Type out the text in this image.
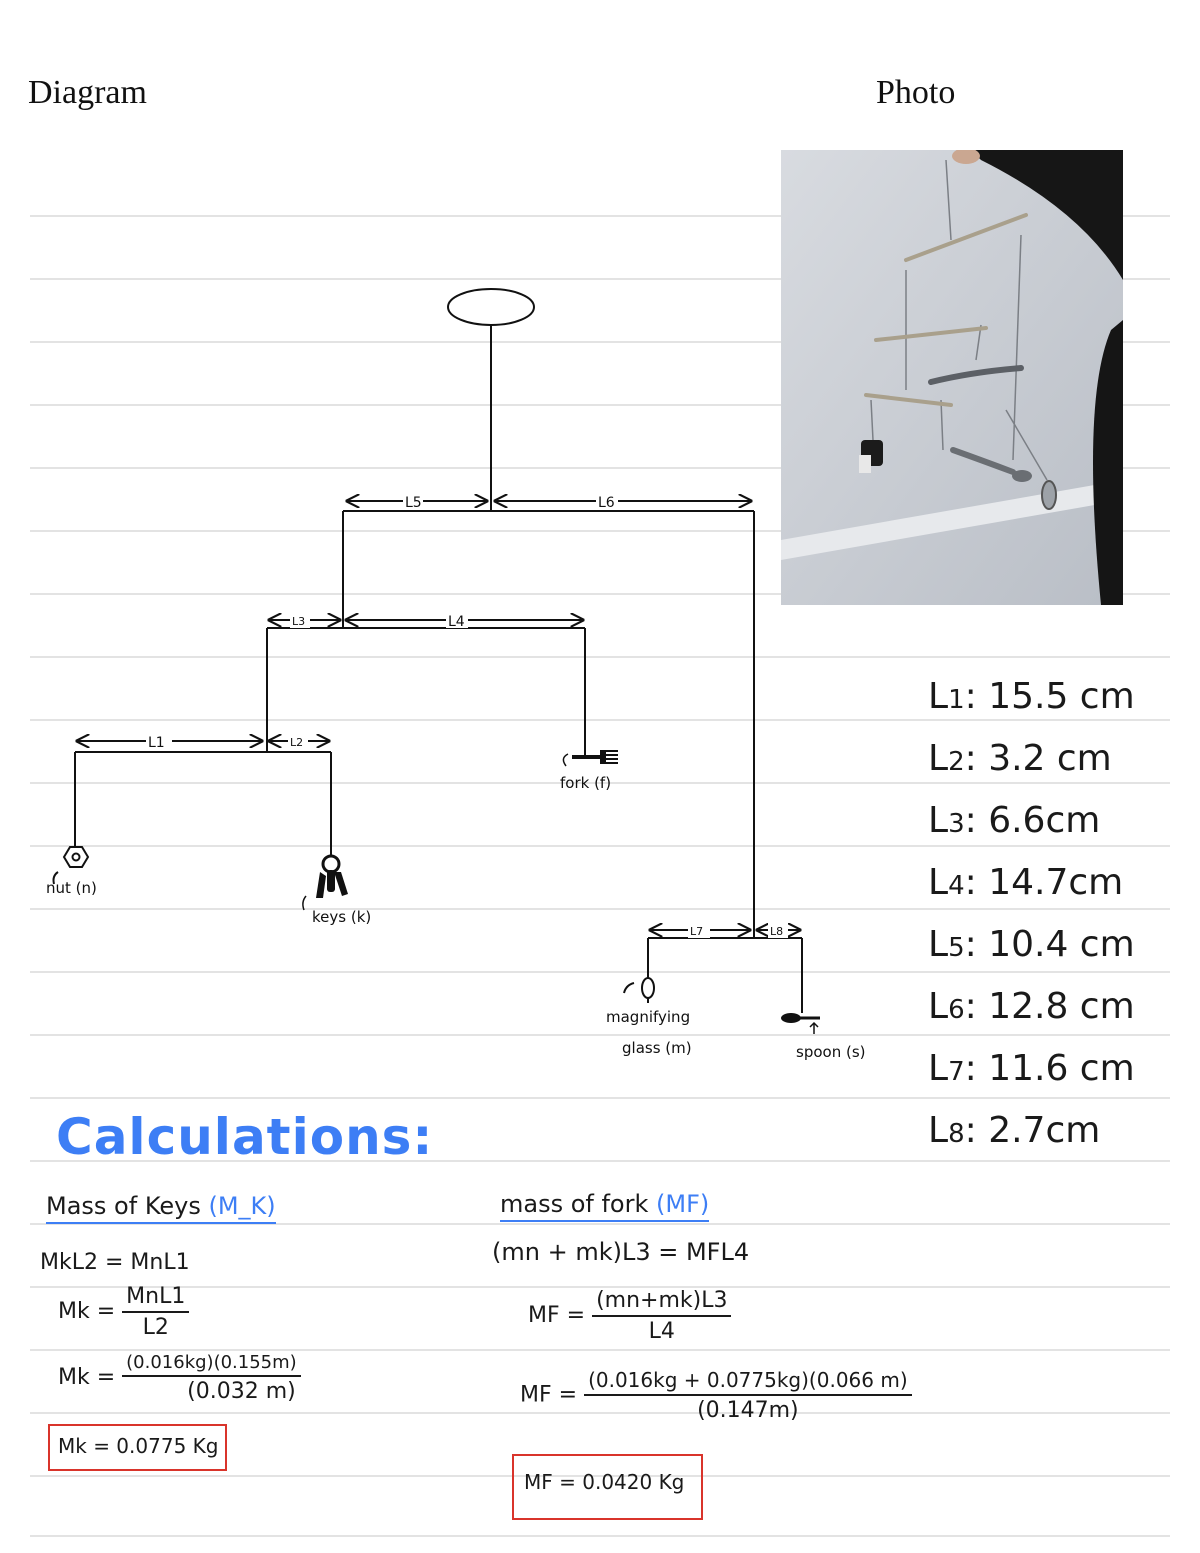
Diagram	Photo
L5	L6
L3	L4
L1	L2
L7	L8
nut (n)
keys (k)
fork (f)
magnifying
glass (m)	spoon (s)
L1: 15.5 cm
L2: 3.2 cm
L3: 6.6cm
L4: 14.7cm
L5: 10.4 cm
L6: 12.8 cm
L7: 11.6 cm
L8: 2.7cm
Calculations:
Mass of Keys (M_K)
MkL2 = MnL1
$Mk = \frac{\text{MnL1}}{L2}$
$Mk = \frac{(0.016kg)(0.155m)}{(0.032 m)}$
Mk = 0.0775 Kg
mass of fork (MF)
(mn + mk)L3 = MFL4
MF = $\frac{(mn+mk)L3}{L4}$
MF = $\frac{(0.016kg + 0.0775kg)(0.066 m)}{(0.147m)}$
MF = 0.0420 Kg
